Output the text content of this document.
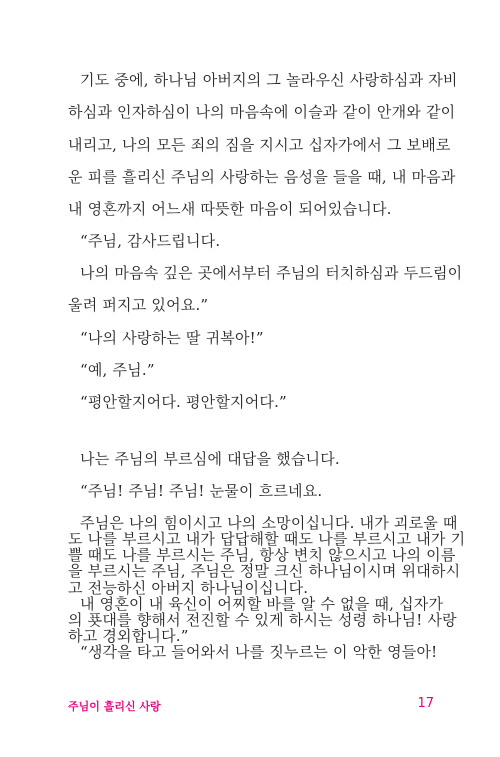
기도 중에, 하나님 아버지의 그 놀라우신 사랑하심과 자비
하심과 인자하심이 나의 마음속에 이슬과 같이 안개와 같이
내리고, 나의 모든 죄의 짐을 지시고 십자가에서 그 보배로
운 피를 흘리신 주님의 사랑하는 음성을 들을 때, 내 마음과
내 영혼까지 어느새 따뜻한 마음이 되어있습니다.
“주님, 감사드립니다.
나의 마음속 깊은 곳에서부터 주님의 터치하심과 두드림이
울려 퍼지고 있어요.”
“나의 사랑하는 딸 귀복아!”
“예, 주님.”
“평안할지어다. 평안할지어다.”
나는 주님의 부르심에 대답을 했습니다.
“주님! 주님! 주님! 눈물이 흐르네요.
주님은 나의 힘이시고 나의 소망이십니다. 내가 괴로울 때
도 나를 부르시고 내가 답답해할 때도 나를 부르시고 내가 기
쁠 때도 나를 부르시는 주님, 항상 변치 않으시고 나의 이름
을 부르시는 주님, 주님은 정말 크신 하나님이시며 위대하시
고 전능하신 아버지 하나님이십니다.
내 영혼이 내 육신이 어찌할 바를 알 수 없을 때, 십자가
의 푯대를 향해서 전진할 수 있게 하시는 성령 하나님! 사랑
하고 경외합니다.”
“생각을 타고 들어와서 나를 짓누르는 이 악한 영들아!
주님이 흘리신 사랑	17
